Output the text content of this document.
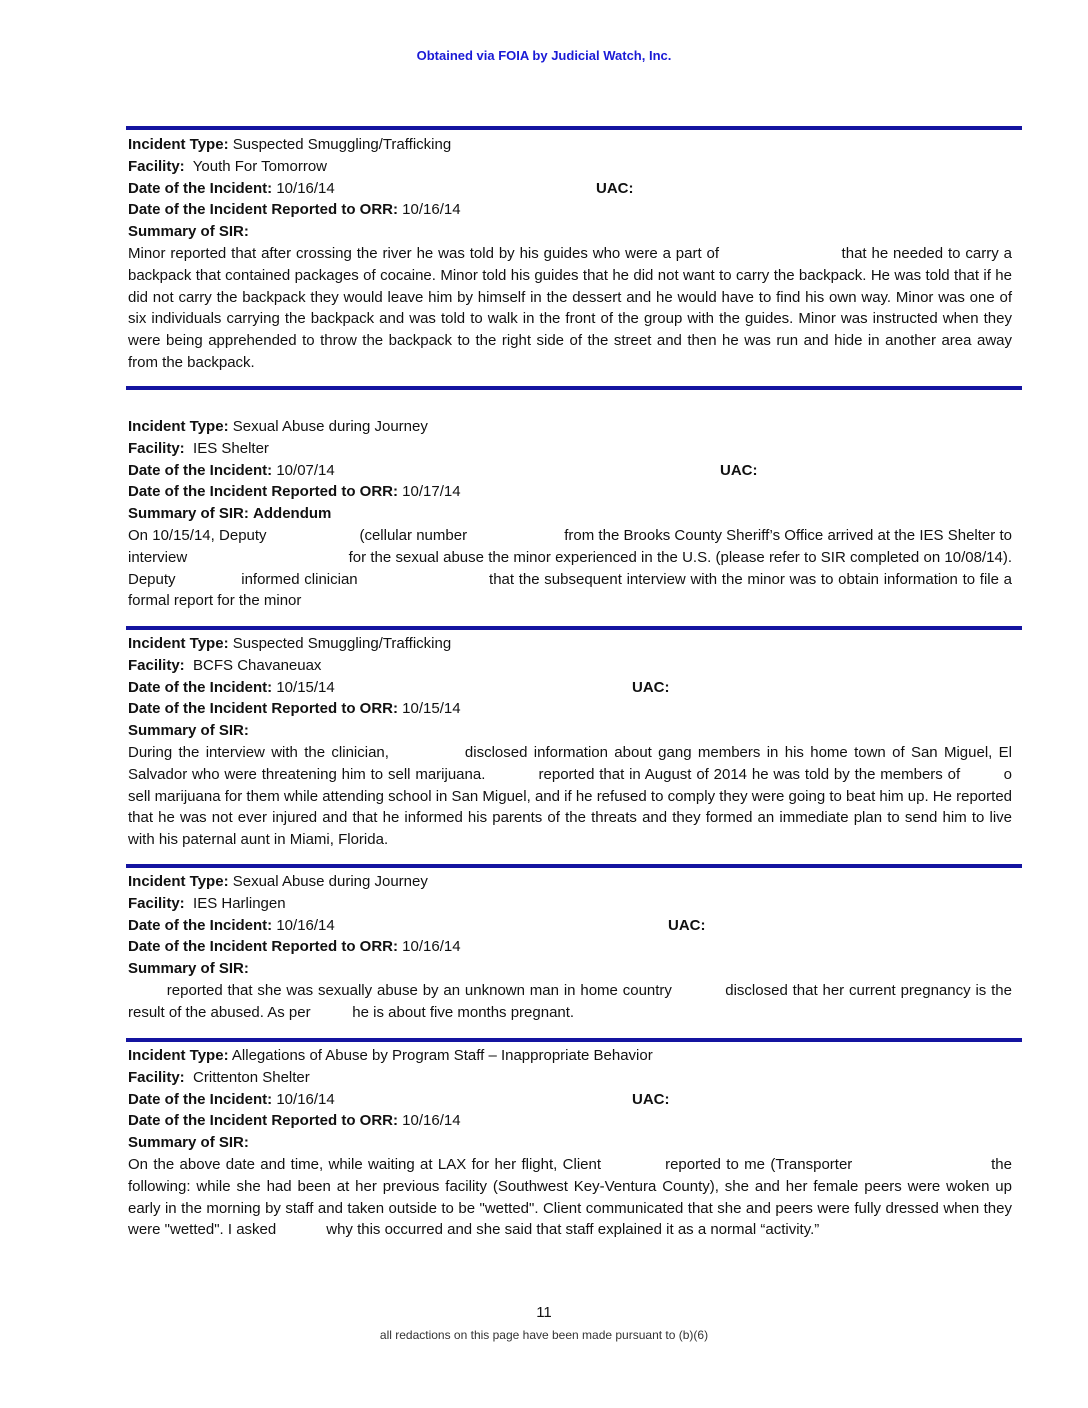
Obtained via FOIA by Judicial Watch, Inc.
Incident Type: Suspected Smuggling/Trafficking
Facility: Youth For Tomorrow
Date of the Incident: 10/16/14	UAC:
Date of the Incident Reported to ORR: 10/16/14
Summary of SIR:

Minor reported that after crossing the river he was told by his guides who were a part of                         that he needed to carry a backpack that contained packages of cocaine. Minor told his guides that he did not want to carry the backpack. He was told that if he did not carry the backpack they would leave him by himself in the dessert and he would have to find his own way. Minor was one of six individuals carrying the backpack and was told to walk in the front of the group with the guides. Minor was instructed when they were being apprehended to throw the backpack to the right side of the street and then he was run and hide in another area away from the backpack.

Incident Type: Sexual Abuse during Journey
Facility: IES Shelter
Date of the Incident: 10/07/14	UAC:
Date of the Incident Reported to ORR: 10/17/14
Summary of SIR: Addendum

On 10/15/14, Deputy                      (cellular number                       from the Brooks County Sheriff’s Office arrived at the IES Shelter to interview                                      for the sexual abuse the minor experienced in the U.S. (please refer to SIR completed on 10/08/14). Deputy              informed clinician                            that the subsequent interview with the minor was to obtain information to file a formal report for the minor

Incident Type: Suspected Smuggling/Trafficking
Facility: BCFS Chavaneuax
Date of the Incident: 10/15/14	UAC:
Date of the Incident Reported to ORR: 10/15/14
Summary of SIR:

During the interview with the clinician,            disclosed information about gang members in his home town of San Miguel, El Salvador who were threatening him to sell marijuana.           reported that in August of 2014 he was told by the members of         o sell marijuana for them while attending school in San Miguel, and if he refused to comply they were going to beat him up. He reported that he was not ever injured and that he informed his parents of the threats and they formed an immediate plan to send him to live with his paternal aunt in Miami, Florida.

Incident Type: Sexual Abuse during Journey
Facility: IES Harlingen
Date of the Incident: 10/16/14	UAC:
Date of the Incident Reported to ORR: 10/16/14
Summary of SIR:

reported that she was sexually abuse by an unknown man in home country           disclosed that her current pregnancy is the result of the abused. As per          he is about five months pregnant.

Incident Type: Allegations of Abuse by Program Staff – Inappropriate Behavior
Facility: Crittenton Shelter
Date of the Incident: 10/16/14	UAC:
Date of the Incident Reported to ORR: 10/16/14
Summary of SIR:

On the above date and time, while waiting at LAX for her flight, Client            reported to me (Transporter                          the following: while she had been at her previous facility (Southwest Key-Ventura County), she and her female peers were woken up early in the morning by staff and taken outside to be "wetted". Client communicated that she and peers were fully dressed when they were "wetted". I asked            why this occurred and she said that staff explained it as a normal “activity.”

11
all redactions on this page have been made pursuant to (b)(6)
